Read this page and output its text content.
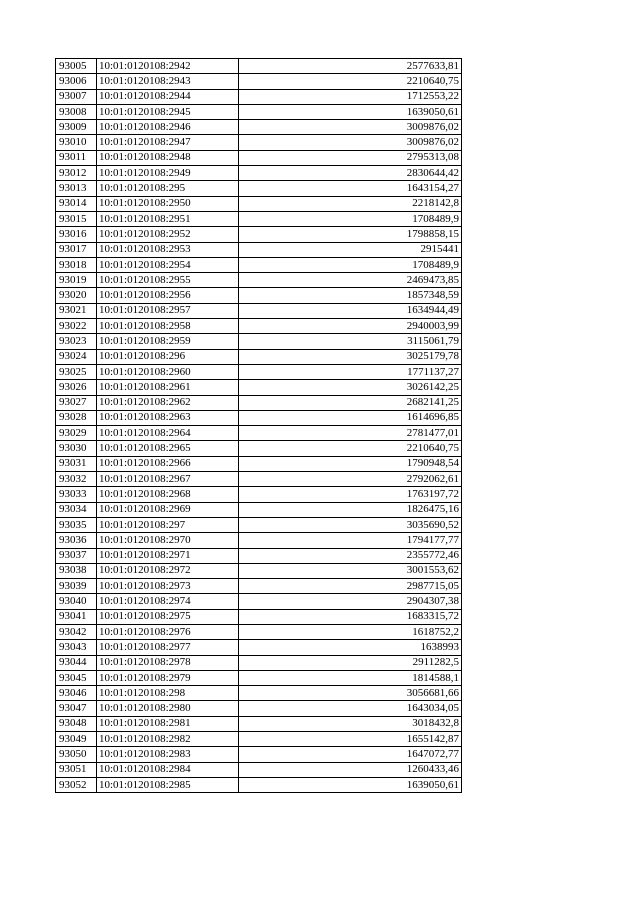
93005	10:01:0120108:2942	2577633,81
93006	10:01:0120108:2943	2210640,75
93007	10:01:0120108:2944	1712553,22
93008	10:01:0120108:2945	1639050,61
93009	10:01:0120108:2946	3009876,02
93010	10:01:0120108:2947	3009876,02
93011	10:01:0120108:2948	2795313,08
93012	10:01:0120108:2949	2830644,42
93013	10:01:0120108:295	1643154,27
93014	10:01:0120108:2950	2218142,8
93015	10:01:0120108:2951	1708489,9
93016	10:01:0120108:2952	1798858,15
93017	10:01:0120108:2953	2915441
93018	10:01:0120108:2954	1708489,9
93019	10:01:0120108:2955	2469473,85
93020	10:01:0120108:2956	1857348,59
93021	10:01:0120108:2957	1634944,49
93022	10:01:0120108:2958	2940003,99
93023	10:01:0120108:2959	3115061,79
93024	10:01:0120108:296	3025179,78
93025	10:01:0120108:2960	1771137,27
93026	10:01:0120108:2961	3026142,25
93027	10:01:0120108:2962	2682141,25
93028	10:01:0120108:2963	1614696,85
93029	10:01:0120108:2964	2781477,01
93030	10:01:0120108:2965	2210640,75
93031	10:01:0120108:2966	1790948,54
93032	10:01:0120108:2967	2792062,61
93033	10:01:0120108:2968	1763197,72
93034	10:01:0120108:2969	1826475,16
93035	10:01:0120108:297	3035690,52
93036	10:01:0120108:2970	1794177,77
93037	10:01:0120108:2971	2355772,46
93038	10:01:0120108:2972	3001553,62
93039	10:01:0120108:2973	2987715,05
93040	10:01:0120108:2974	2904307,38
93041	10:01:0120108:2975	1683315,72
93042	10:01:0120108:2976	1618752,2
93043	10:01:0120108:2977	1638993
93044	10:01:0120108:2978	2911282,5
93045	10:01:0120108:2979	1814588,1
93046	10:01:0120108:298	3056681,66
93047	10:01:0120108:2980	1643034,05
93048	10:01:0120108:2981	3018432,8
93049	10:01:0120108:2982	1655142,87
93050	10:01:0120108:2983	1647072,77
93051	10:01:0120108:2984	1260433,46
93052	10:01:0120108:2985	1639050,61
